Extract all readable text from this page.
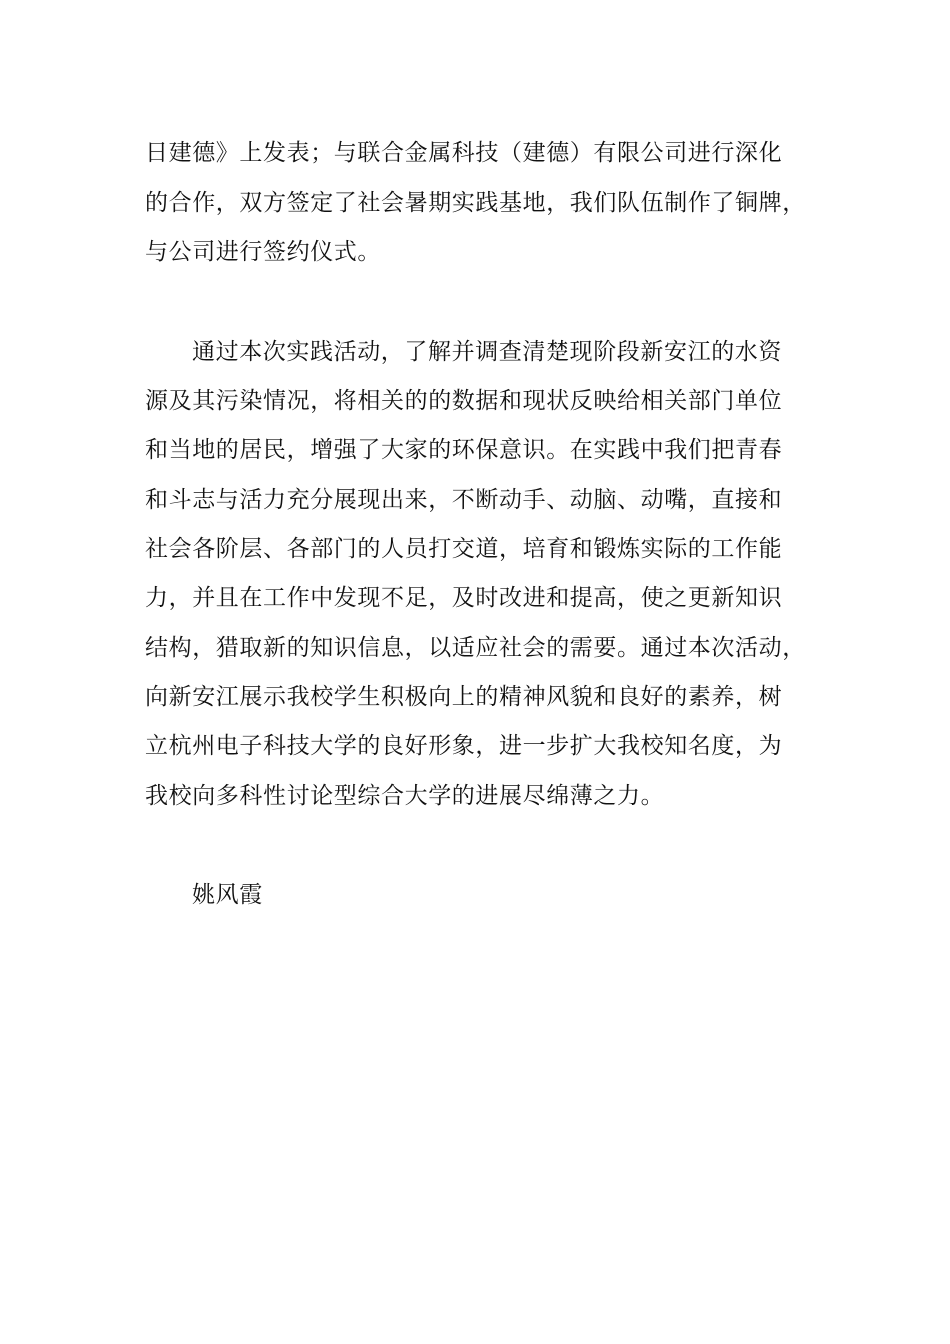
日建德》上发表；与联合金属科技（建德）有限公司进行深化
的合作，双方签定了社会暑期实践基地，我们队伍制作了铜牌，
与公司进行签约仪式。
通过本次实践活动，了解并调查清楚现阶段新安江的水资
源及其污染情况，将相关的的数据和现状反映给相关部门单位
和当地的居民，增强了大家的环保意识。在实践中我们把青春
和斗志与活力充分展现出来，不断动手、动脑、动嘴，直接和
社会各阶层、各部门的人员打交道，培育和锻炼实际的工作能
力，并且在工作中发现不足，及时改进和提高，使之更新知识
结构，猎取新的知识信息，以适应社会的需要。通过本次活动，
向新安江展示我校学生积极向上的精神风貌和良好的素养，树
立杭州电子科技大学的良好形象，进一步扩大我校知名度，为
我校向多科性讨论型综合大学的进展尽绵薄之力。
姚风霞
